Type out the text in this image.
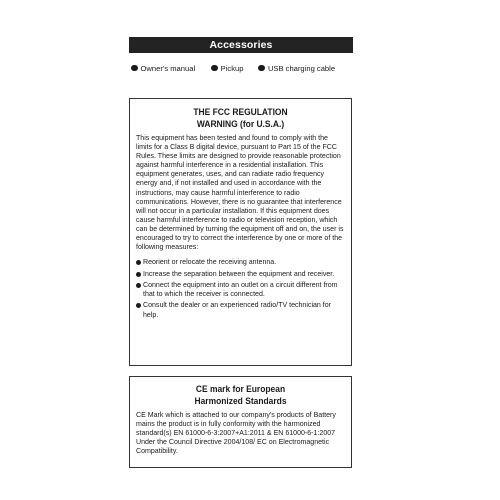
Accessories
Owner's manual	Pickup	USB charging cable
THE FCC REGULATION
WARNING (for U.S.A.)

This equipment has been tested and found to comply with the limits for a Class B digital device, pursuant to Part 15 of the FCC Rules. These limits are designed to provide reasonable protection against harmful interference in a residential installation. This equipment generates, uses, and can radiate radio frequency energy and, if not installed and used in accordance with the instructions, may cause harmful interference to radio communications. However, there is no guarantee that interference will not occur in a particular installation. If this equipment does cause harmful interference to radio or television reception, which can be determined by turning the equipment off and on, the user is encouraged to try to correct the interference by one or more of the following measures:

Reorient or relocate the receiving antenna.
Increase the separation between the equipment and receiver.
Connect the equipment into an outlet on a circuit different from that to which the receiver is connected.
Consult the dealer or an experienced radio/TV technician for help.
CE mark for European
Harmonized Standards

CE Mark which is attached to our company's products of Battery mains the product is in fully conformity with the harmonized standard(s) EN 61000-6-3:2007+A1:2011 & EN 61000-6-1:2007 Under the Council Directive 2004/108/ EC on Electromagnetic Compatibility.
